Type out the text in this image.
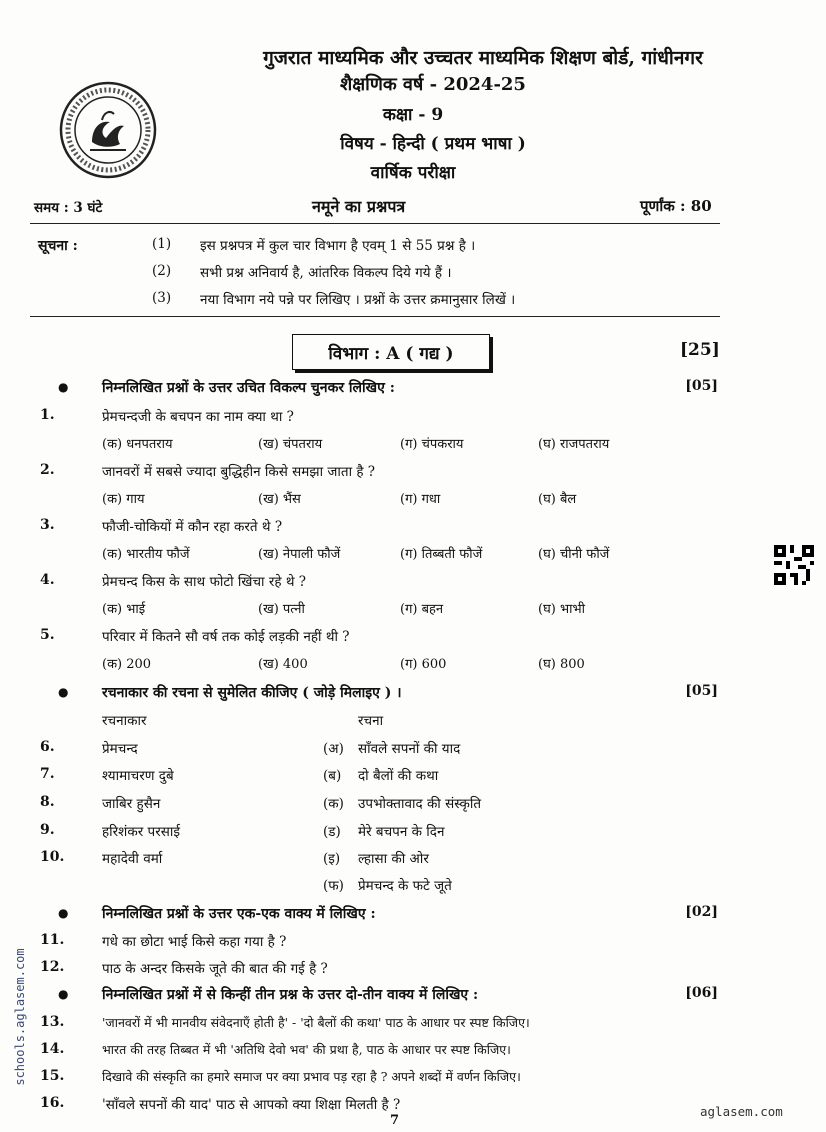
गुजरात माध्यमिक और उच्चतर माध्यमिक शिक्षण बोर्ड, गांधीनगर
शैक्षणिक वर्ष - 2024-25
कक्षा - 9
विषय - हिन्दी ( प्रथम भाषा )
वार्षिक परीक्षा
समय : 3 घंटे	नमूने का प्रश्नपत्र	पूर्णांक : 80
सूचना :	(1) इस प्रश्नपत्र में कुल चार विभाग है एवम् 1 से 55 प्रश्न है ।
(2) सभी प्रश्न अनिवार्य है, आंतरिक विकल्प दिये गये हैं ।
(3) नया विभाग नये पन्ने पर लिखिए । प्रश्नों के उत्तर क्रमानुसार लिखें ।
विभाग : A ( गद्य )	[25]
● निम्नलिखित प्रश्नों के उत्तर उचित विकल्प चुनकर लिखिए :	[05]
1.	प्रेमचन्दजी के बचपन का नाम क्या था ?
(क) धनपतराय	(ख) चंपतराय	(ग) चंपकराय	(घ) राजपतराय
2.	जानवरों में सबसे ज्यादा बुद्धिहीन किसे समझा जाता है ?
(क) गाय	(ख) भैंस	(ग) गधा	(घ) बैल
3.	फौजी-चोकियों में कौन रहा करते थे ?
(क) भारतीय फौजें	(ख) नेपाली फौजें	(ग) तिब्बती फौजें	(घ) चीनी फौजें
4.	प्रेमचन्द किस के साथ फोटो खिंचा रहे थे ?
(क) भाई	(ख) पत्नी	(ग) बहन	(घ) भाभी
5.	परिवार में कितने सौ वर्ष तक कोई लड़की नहीं थी ?
(क) 200	(ख) 400	(ग) 600	(घ) 800
● रचनाकार की रचना से सुमेलित कीजिए ( जोड़े मिलाइए ) ।	[05]
रचनाकार	रचना
6.	प्रेमचन्द	(अ) साँवले सपनों की याद
7.	श्यामाचरण दुबे	(ब) दो बैलों की कथा
8.	जाबिर हुसैन	(क) उपभोक्तावाद की संस्कृति
9.	हरिशंकर परसाई	(ड) मेरे बचपन के दिन
10.	महादेवी वर्मा	(इ) ल्हासा की ओर
(फ) प्रेमचन्द के फटे जूते
● निम्नलिखित प्रश्नों के उत्तर एक-एक वाक्य में लिखिए :	[02]
11.	गधे का छोटा भाई किसे कहा गया है ?
12.	पाठ के अन्दर किसके जूते की बात की गई है ?
● निम्नलिखित प्रश्नों में से किन्हीं तीन प्रश्न के उत्तर दो-तीन वाक्य में लिखिए :	[06]
13.	'जानवरों में भी मानवीय संवेदनाएँ होती है' - 'दो बैलों की कथा' पाठ के आधार पर स्पष्ट किजिए।
14.	भारत की तरह तिब्बत में भी 'अतिथि देवो भव' की प्रथा है, पाठ के आधार पर स्पष्ट किजिए।
15.	दिखावे की संस्कृति का हमारे समाज पर क्या प्रभाव पड़ रहा है ? अपने शब्दों में वर्णन किजिए।
16.	'साँवले सपनों की याद' पाठ से आपको क्या शिक्षा मिलती है ?
7
schools.aglasem.com
aglasem.com
